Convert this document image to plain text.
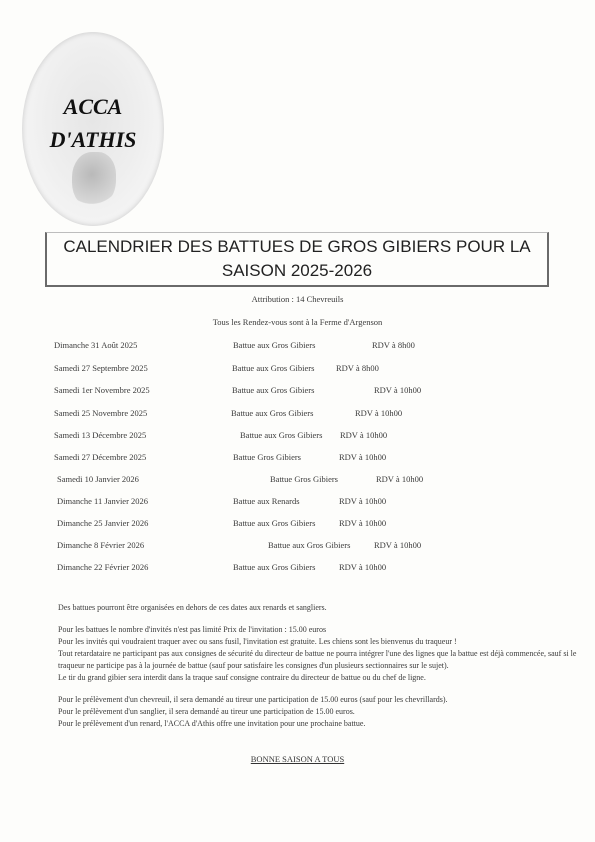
ACCA
D'ATHIS
CALENDRIER DES BATTUES DE GROS GIBIERS POUR LA
SAISON 2025-2026
Attribution : 14 Chevreuils
Tous les Rendez-vous sont à la Ferme d'Argenson
Dimanche 31 Août 2025	Battue aux Gros Gibiers	RDV à 8h00
Samedi 27 Septembre 2025	Battue aux Gros Gibiers	RDV à 8h00
Samedi 1er Novembre 2025	Battue aux Gros Gibiers	RDV à 10h00
Samedi 25 Novembre 2025	Battue aux Gros Gibiers	RDV à 10h00
Samedi 13 Décembre 2025	Battue aux Gros Gibiers RDV à 10h00
Samedi 27 Décembre 2025	Battue Gros Gibiers	RDV à 10h00
Samedi 10 Janvier 2026	Battue Gros Gibiers	RDV à 10h00
Dimanche 11 Janvier 2026	Battue aux Renards	RDV à 10h00
Dimanche 25 Janvier 2026	Battue aux Gros Gibiers	RDV à 10h00
Dimanche 8 Février 2026	Battue aux Gros Gibiers	RDV à 10h00
Dimanche 22 Février 2026	Battue aux Gros Gibiers	RDV à 10h00
Des battues pourront être organisées en dehors de ces dates aux renards et sangliers.
Pour les battues le nombre d'invités n'est pas limité Prix de l'invitation : 15.00 euros
Pour les invités qui voudraient traquer avec ou sans fusil, l'invitation est gratuite. Les chiens sont les bienvenus du traqueur !
Tout retardataire ne participant pas aux consignes de sécurité du directeur de battue ne pourra intégrer l'une des lignes que la battue est déjà commencée, sauf si le
traqueur ne participe pas à la journée de battue (sauf pour satisfaire les consignes d'un plusieurs sectionnaires sur le sujet).
Le tir du grand gibier sera interdit dans la traque sauf consigne contraire du directeur de battue ou du chef de ligne.
Pour le prélèvement d'un chevreuil, il sera demandé au tireur une participation de 15.00 euros (sauf pour les chevrillards).
Pour le prélèvement d'un sanglier, il sera demandé au tireur une participation de 15.00 euros.
Pour le prélèvement d'un renard, l'ACCA d'Athis offre une invitation pour une prochaine battue.
BONNE SAISON A TOUS
